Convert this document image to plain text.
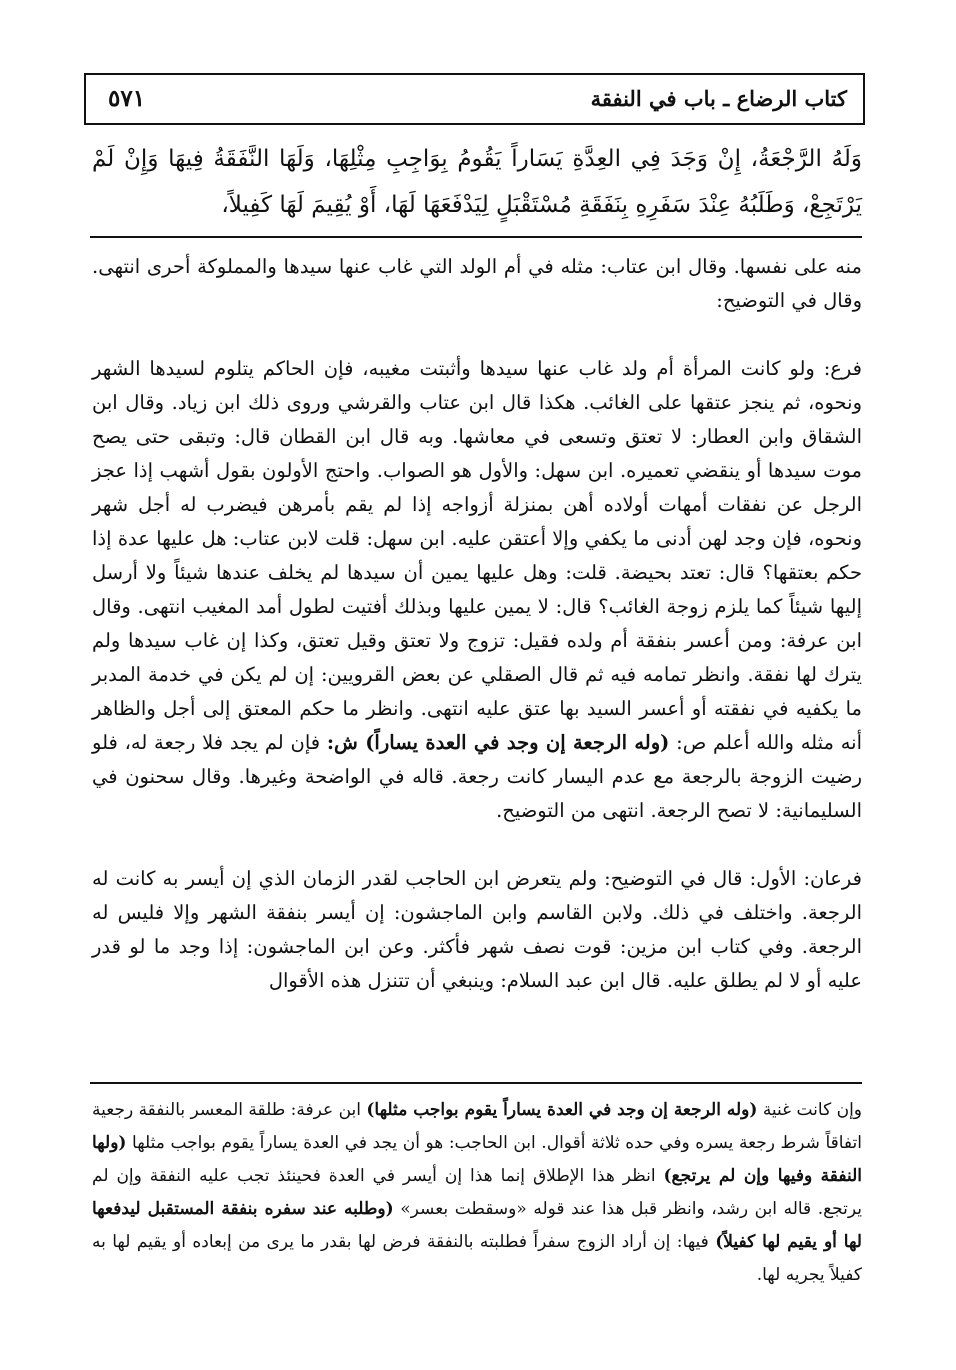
كتاب الرضاع ـ باب في النفقة
٥٧١
وَلَهُ الرَّجْعَةُ، إِنْ وَجَدَ فِي العِدَّةِ يَسَاراً يَقُومُ بِوَاجِبِ مِثْلِهَا، وَلَهَا النَّفَقَةُ فِيهَا وَإِنْ لَمْ يَرْتَجِعْ، وَطَلَبُهُ عِنْدَ سَفَرِهِ بِنَفَقَةِ مُسْتَقْبَلٍ لِيَدْفَعَهَا لَهَا، أَوْ يُقِيمَ لَهَا كَفِيلاً،

منه على نفسها. وقال ابن عتاب: مثله في أم الولد التي غاب عنها سيدها والمملوكة أحرى انتهى. وقال في التوضيح:

فرع: ولو كانت المرأة أم ولد غاب عنها سيدها وأثبتت مغيبه، فإن الحاكم يتلوم لسيدها الشهر ونحوه، ثم ينجز عتقها على الغائب. هكذا قال ابن عتاب والقرشي وروى ذلك ابن زياد. وقال ابن الشقاق وابن العطار: لا تعتق وتسعى في معاشها. وبه قال ابن القطان قال: وتبقى حتى يصح موت سيدها أو ينقضي تعميره. ابن سهل: والأول هو الصواب. واحتج الأولون بقول أشهب إذا عجز الرجل عن نفقات أمهات أولاده أهن بمنزلة أزواجه إذا لم يقم بأمرهن فيضرب له أجل شهر ونحوه، فإن وجد لهن أدنى ما يكفي وإلا أعتقن عليه. ابن سهل: قلت لابن عتاب: هل عليها عدة إذا حكم بعتقها؟ قال: تعتد بحيضة. قلت: وهل عليها يمين أن سيدها لم يخلف عندها شيئاً ولا أرسل إليها شيئاً كما يلزم زوجة الغائب؟ قال: لا يمين عليها وبذلك أفتيت لطول أمد المغيب انتهى. وقال ابن عرفة: ومن أعسر بنفقة أم ولده فقيل: تزوج ولا تعتق وقيل تعتق، وكذا إن غاب سيدها ولم يترك لها نفقة. وانظر تمامه فيه ثم قال الصقلي عن بعض القرويين: إن لم يكن في خدمة المدبر ما يكفيه في نفقته أو أعسر السيد بها عتق عليه انتهى. وانظر ما حكم المعتق إلى أجل والظاهر أنه مثله والله أعلم ص: (وله الرجعة إن وجد في العدة يساراً) ش: فإن لم يجد فلا رجعة له، فلو رضيت الزوجة بالرجعة مع عدم اليسار كانت رجعة. قاله في الواضحة وغيرها. وقال سحنون في السليمانية: لا تصح الرجعة. انتهى من التوضيح.

فرعان: الأول: قال في التوضيح: ولم يتعرض ابن الحاجب لقدر الزمان الذي إن أيسر به كانت له الرجعة. واختلف في ذلك. ولابن القاسم وابن الماجشون: إن أيسر بنفقة الشهر وإلا فليس له الرجعة. وفي كتاب ابن مزين: قوت نصف شهر فأكثر. وعن ابن الماجشون: إذا وجد ما لو قدر عليه أو لا لم يطلق عليه. قال ابن عبد السلام: وينبغي أن تتنزل هذه الأقوال

وإن كانت غنية (وله الرجعة إن وجد في العدة يساراً يقوم بواجب مثلها) ابن عرفة: طلقة المعسر بالنفقة رجعية اتفاقاً شرط رجعة يسره وفي حده ثلاثة أقوال. ابن الحاجب: هو أن يجد في العدة يساراً يقوم بواجب مثلها (ولها النفقة وفيها وإن لم يرتجع) انظر هذا الإطلاق إنما هذا إن أيسر في العدة فحينئذ تجب عليه النفقة وإن لم يرتجع. قاله ابن رشد، وانظر قبل هذا عند قوله «وسقطت بعسر» (وطلبه عند سفره بنفقة المستقبل ليدفعها لها أو يقيم لها كفيلاً) فيها: إن أراد الزوج سفراً فطلبته بالنفقة فرض لها بقدر ما يرى من إبعاده أو يقيم لها به كفيلاً يجريه لها.
